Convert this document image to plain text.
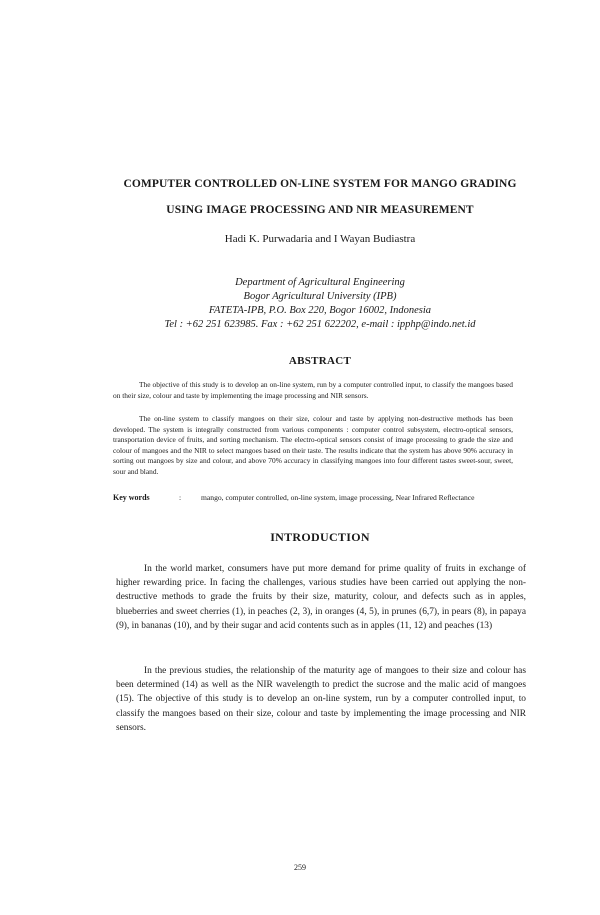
COMPUTER CONTROLLED ON-LINE SYSTEM FOR MANGO GRADING
USING IMAGE PROCESSING AND NIR MEASUREMENT
Hadi K. Purwadaria and I Wayan Budiastra
Department of Agricultural Engineering
Bogor Agricultural University (IPB)
FATETA-IPB, P.O. Box 220, Bogor 16002, Indonesia
Tel : +62 251 623985. Fax : +62 251 622202, e-mail : ipphp@indo.net.id
ABSTRACT

The objective of this study is to develop an on-line system, run by a computer controlled input, to classify the mangoes based on their size, colour and taste by implementing the image processing and NIR sensors.

The on-line system to classify mangoes on their size, colour and taste by applying non-destructive methods has been developed. The system is integrally constructed from various components : computer control subsystem, electro-optical sensors, transportation device of fruits, and sorting mechanism. The electro-optical sensors consist of image processing to grade the size and colour of mangoes and the NIR to select mangoes based on their taste. The results indicate that the system has above 90% accuracy in sorting out mangoes by size and colour, and above 70% accuracy in classifying mangoes into four different tastes sweet-sour, sweet, sour and bland.

Key words	:	mango, computer controlled, on-line system, image processing, Near Infrared Reflectance
INTRODUCTION

In the world market, consumers have put more demand for prime quality of fruits in exchange of higher rewarding price. In facing the challenges, various studies have been carried out applying the non-destructive methods to grade the fruits by their size, maturity, colour, and defects such as in apples, blueberries and sweet cherries (1), in peaches (2, 3), in oranges (4, 5), in prunes (6,7), in pears (8), in papaya (9), in bananas (10), and by their sugar and acid contents such as in apples (11, 12) and peaches (13)

In the previous studies, the relationship of the maturity age of mangoes to their size and colour has been determined (14) as well as the NIR wavelength to predict the sucrose and the malic acid of mangoes (15). The objective of this study is to develop an on-line system, run by a computer controlled input, to classify the mangoes based on their size, colour and taste by implementing the image processing and NIR sensors.

259
